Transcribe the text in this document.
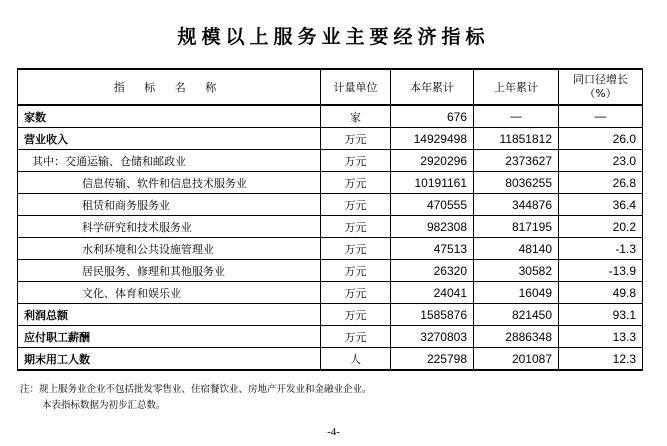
规模以上服务业主要经济指标
指 标 名 称	计量单位	本年累计	上年累计	同口径增长
（%）

家数	家	676	—	—
营业收入	万元	14929498	11851812	26.0
其中：交通运输、仓储和邮政业	万元	2920296	2373627	23.0
信息传输、软件和信息技术服务业	万元	10191161	8036255	26.8
租赁和商务服务业	万元	470555	344876	36.4
科学研究和技术服务业	万元	982308	817195	20.2
水利环境和公共设施管理业	万元	47513	48140	-1.3
居民服务、修理和其他服务业	万元	26320	30582	-13.9
文化、体育和娱乐业	万元	24041	16049	49.8
利润总额	万元	1585876	821450	93.1
应付职工薪酬	万元	3270803	2886348	13.3
期末用工人数	人	225798	201087	12.3
注：规上服务业企业不包括批发零售业、住宿餐饮业、房地产开发业和金融业企业。
本表指标数据为初步汇总数。
-4-
